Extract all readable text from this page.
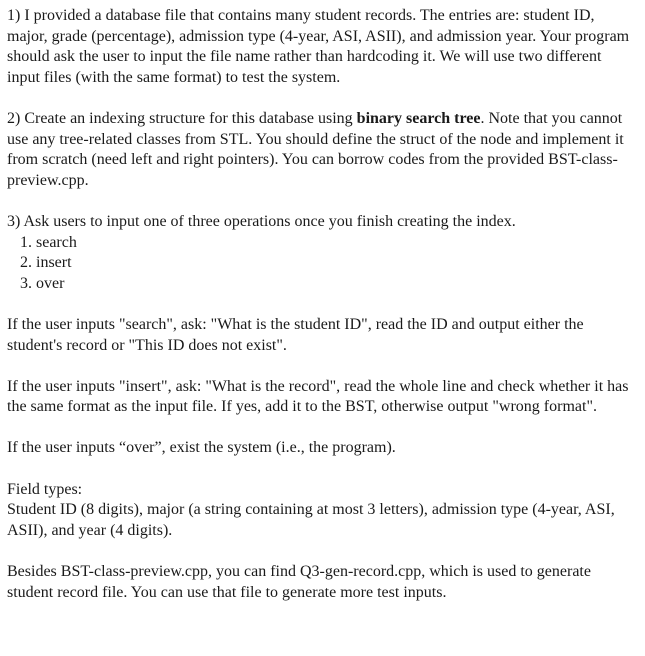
1) I provided a database file that contains many student records. The entries are: student ID, major, grade (percentage), admission type (4-year, ASI, ASII), and admission year. Your program should ask the user to input the file name rather than hardcoding it. We will use two different input files (with the same format) to test the system.

2) Create an indexing structure for this database using binary search tree. Note that you cannot use any tree-related classes from STL. You should define the struct of the node and implement it from scratch (need left and right pointers). You can borrow codes from the provided BST-class-preview.cpp.

3) Ask users to input one of three operations once you finish creating the index.

1. search
2. insert
3. over

If the user inputs "search", ask: "What is the student ID", read the ID and output either the student's record or "This ID does not exist".

If the user inputs "insert", ask: "What is the record", read the whole line and check whether it has the same format as the input file. If yes, add it to the BST, otherwise output "wrong format".

If the user inputs “over”, exist the system (i.e., the program).

Field types:
Student ID (8 digits), major (a string containing at most 3 letters), admission type (4-year, ASI, ASII), and year (4 digits).

Besides BST-class-preview.cpp, you can find Q3-gen-record.cpp, which is used to generate student record file. You can use that file to generate more test inputs.
